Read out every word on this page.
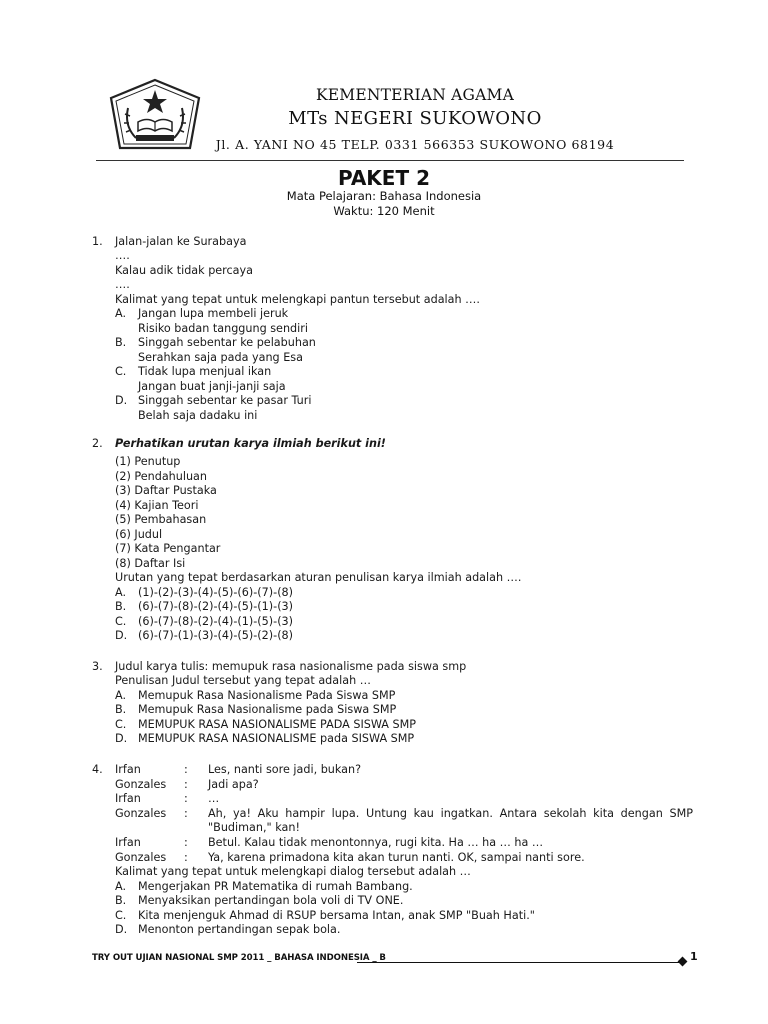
KEMENTERIAN AGAMA
MTs NEGERI SUKOWONO
Jl. A. YANI NO 45 TELP. 0331 566353 SUKOWONO 68194
PAKET 2
Mata Pelajaran: Bahasa Indonesia
Waktu: 120 Menit
1. Jalan-jalan ke Surabaya
….
Kalau adik tidak percaya
….
Kalimat yang tepat untuk melengkapi pantun tersebut adalah ….
A. Jangan lupa membeli jeruk
Risiko badan tanggung sendiri
B. Singgah sebentar ke pelabuhan
Serahkan saja pada yang Esa
C. Tidak lupa menjual ikan
Jangan buat janji-janji saja
D. Singgah sebentar ke pasar Turi
Belah saja dadaku ini
2. Perhatikan urutan karya ilmiah berikut ini!
(1) Penutup
(2) Pendahuluan
(3) Daftar Pustaka
(4) Kajian Teori
(5) Pembahasan
(6) Judul
(7) Kata Pengantar
(8) Daftar Isi
Urutan yang tepat berdasarkan aturan penulisan karya ilmiah adalah ….
A. (1)-(2)-(3)-(4)-(5)-(6)-(7)-(8)
B. (6)-(7)-(8)-(2)-(4)-(5)-(1)-(3)
C. (6)-(7)-(8)-(2)-(4)-(1)-(5)-(3)
D. (6)-(7)-(1)-(3)-(4)-(5)-(2)-(8)
3. Judul karya tulis: memupuk rasa nasionalisme pada siswa smp
Penulisan Judul tersebut yang tepat adalah …
A. Memupuk Rasa Nasionalisme Pada Siswa SMP
B. Memupuk Rasa Nasionalisme pada Siswa SMP
C. MEMUPUK RASA NASIONALISME PADA SISWA SMP
D. MEMUPUK RASA NASIONALISME pada SISWA SMP
4. Irfan	: Les, nanti sore jadi, bukan?
Gonzales : Jadi apa?
Irfan	: …
Gonzales : Ah, ya! Aku hampir lupa. Untung kau ingatkan. Antara sekolah kita dengan SMP "Budiman," kan!
Irfan	: Betul. Kalau tidak menontonnya, rugi kita. Ha … ha … ha …
Gonzales : Ya, karena primadona kita akan turun nanti. OK, sampai nanti sore.
Kalimat yang tepat untuk melengkapi dialog tersebut adalah …
A. Mengerjakan PR Matematika di rumah Bambang.
B. Menyaksikan pertandingan bola voli di TV ONE.
C. Kita menjenguk Ahmad di RSUP bersama Intan, anak SMP "Buah Hati."
D. Menonton pertandingan sepak bola.
TRY OUT UJIAN NASIONAL SMP 2011 _ BAHASA INDONESIA _ B	1
